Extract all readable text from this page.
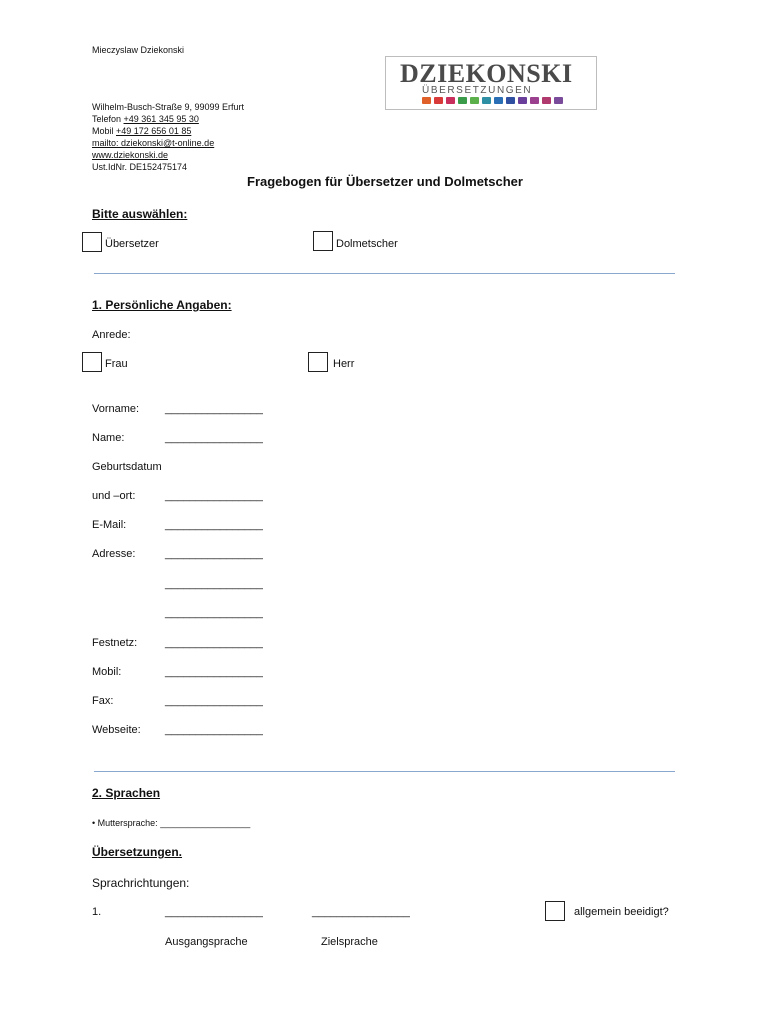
Mieczyslaw Dziekonski
DZIEKONSKI
ÜBERSETZUNGEN
Wilhelm-Busch-Straße 9, 99099 Erfurt
Telefon +49 361 345 95 30
Mobil +49 172 656 01 85
mailto: dziekonski@t-online.de
www.dziekonski.de
Ust.IdNr. DE152475174
Fragebogen für Übersetzer und Dolmetscher
Bitte auswählen:
Übersetzer	Dolmetscher
1. Persönliche Angaben:
Anrede:
Frau	Herr
Vorname: ________________
Name:	________________
Geburtsdatum
und –ort:	________________
E-Mail:	________________
Adresse:	________________
________________
________________
Festnetz:	________________
Mobil:	________________
Fax:	________________
Webseite: ________________
2. Sprachen
• Muttersprache: __________________
Übersetzungen.
Sprachrichtungen:
1.	________________	________________	allgemein beeidigt?
Ausgangsprache	Zielsprache
